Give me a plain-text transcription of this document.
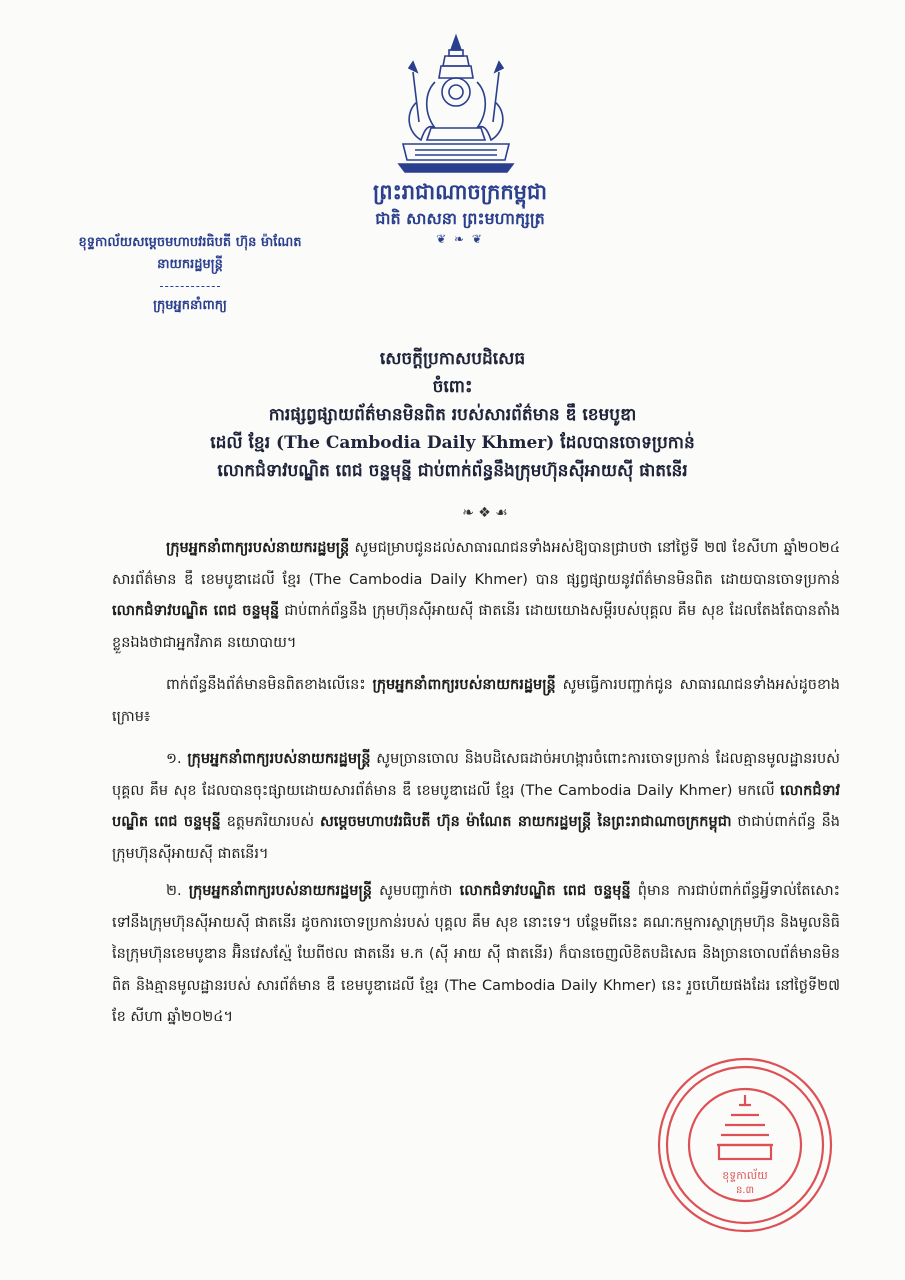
ព្រះរាជាណាចក្រកម្ពុជា
ជាតិ សាសនា ព្រះមហាក្សត្រ
❦ ❧ ❦
ខុទ្ទកាល័យសម្តេចមហាបវរធិបតី ហ៊ុន ម៉ាណែត
នាយករដ្ឋមន្ត្រី
ក្រុមអ្នកនាំពាក្យ
សេចក្តីប្រកាសបដិសេធ
ចំពោះ
ការផ្សព្វផ្សាយព័ត៌មានមិនពិត របស់សារព័ត៌មាន ឌឹ ខេមបូឌា
ដេលី ខ្មែរ (The Cambodia Daily Khmer) ដែលបានចោទប្រកាន់
លោកជំទាវបណ្ឌិត ពេជ ចន្ទមុន្នី ជាប់ពាក់ព័ន្ធនឹងក្រុមហ៊ុនស៊ីអាយស៊ី ផាតនើរ
❧ ❖ ☙

ក្រុមអ្នកនាំពាក្យរបស់នាយករដ្ឋមន្ត្រី សូមជម្រាបជូនដល់សាធារណជនទាំងអស់ឱ្យបានជ្រាបថា នៅថ្ងៃទី ២៧ ខែសីហា ឆ្នាំ២០២៤ សារព័ត៌មាន ឌឹ ខេមបូឌាដេលី ខ្មែរ (The Cambodia Daily Khmer) បាន ផ្សព្វផ្សាយនូវព័ត៌មានមិនពិត ដោយបានចោទប្រកាន់ លោកជំទាវបណ្ឌិត ពេជ ចន្ទមុន្នី ជាប់ពាក់ព័ន្ធនឹង ក្រុមហ៊ុនស៊ីអាយស៊ី ផាតនើរ ដោយយោងសម្តីរបស់បុគ្គល គឹម សុខ ដែលតែងតែបានតាំងខ្លួនឯងថាជាអ្នកវិភាគ នយោបាយ។

ពាក់ព័ន្ធនឹងព័ត៌មានមិនពិតខាងលើនេះ ក្រុមអ្នកនាំពាក្យរបស់នាយករដ្ឋមន្ត្រី សូមធ្វើការបញ្ជាក់ជូន សាធារណជនទាំងអស់ដូចខាងក្រោម៖

១. ក្រុមអ្នកនាំពាក្យរបស់នាយករដ្ឋមន្ត្រី សូមច្រានចោល និងបដិសេធដាច់អហង្ការចំពោះការចោទប្រកាន់ ដែលគ្មានមូលដ្ឋានរបស់បុគ្គល គឹម សុខ ដែលបានចុះផ្សាយដោយសារព័ត៌មាន ឌឹ ខេមបូឌាដេលី ខ្មែរ (The Cambodia Daily Khmer) មកលើ លោកជំទាវបណ្ឌិត ពេជ ចន្ទមុន្នី ឧត្តមភរិយារបស់ សម្តេចមហាបវរធិបតី ហ៊ុន ម៉ាណែត នាយករដ្ឋមន្ត្រី នៃព្រះរាជាណាចក្រកម្ពុជា ថាជាប់ពាក់ព័ន្ធ នឹងក្រុមហ៊ុនស៊ីអាយស៊ី ផាតនើរ។

២. ក្រុមអ្នកនាំពាក្យរបស់នាយករដ្ឋមន្ត្រី សូមបញ្ជាក់ថា លោកជំទាវបណ្ឌិត ពេជ ចន្ទមុន្នី ពុំមាន ការជាប់ពាក់ព័ន្ធអ្វីទាល់តែសោះទៅនឹងក្រុមហ៊ុនស៊ីអាយស៊ី ផាតនើរ ដូចការចោទប្រកាន់របស់ បុគ្គល គឹម សុខ នោះទេ។ បន្ថែមពីនេះ គណៈកម្មការស្ថាក្រុមហ៊ុន និងមូលនិធិនៃក្រុមហ៊ុនខេមបូឌាន អ៊ិនវេសស្ម៉ែ ឃែពីថល ផាតនើរ ម.ក (ស៊ី អាយ ស៊ី ផាតនើរ) ក៏បានចេញលិខិតបដិសេធ និងច្រានចោលព័ត៌មានមិនពិត និងគ្មានមូលដ្ឋានរបស់ សារព័ត៌មាន ឌឹ ខេមបូឌាដេលី ខ្មែរ (The Cambodia Daily Khmer) នេះ រួចហើយផងដែរ នៅថ្ងៃទី២៧ ខែ សីហា ឆ្នាំ២០២៤។

ខុទ្ទកាល័យ
ន.៣
